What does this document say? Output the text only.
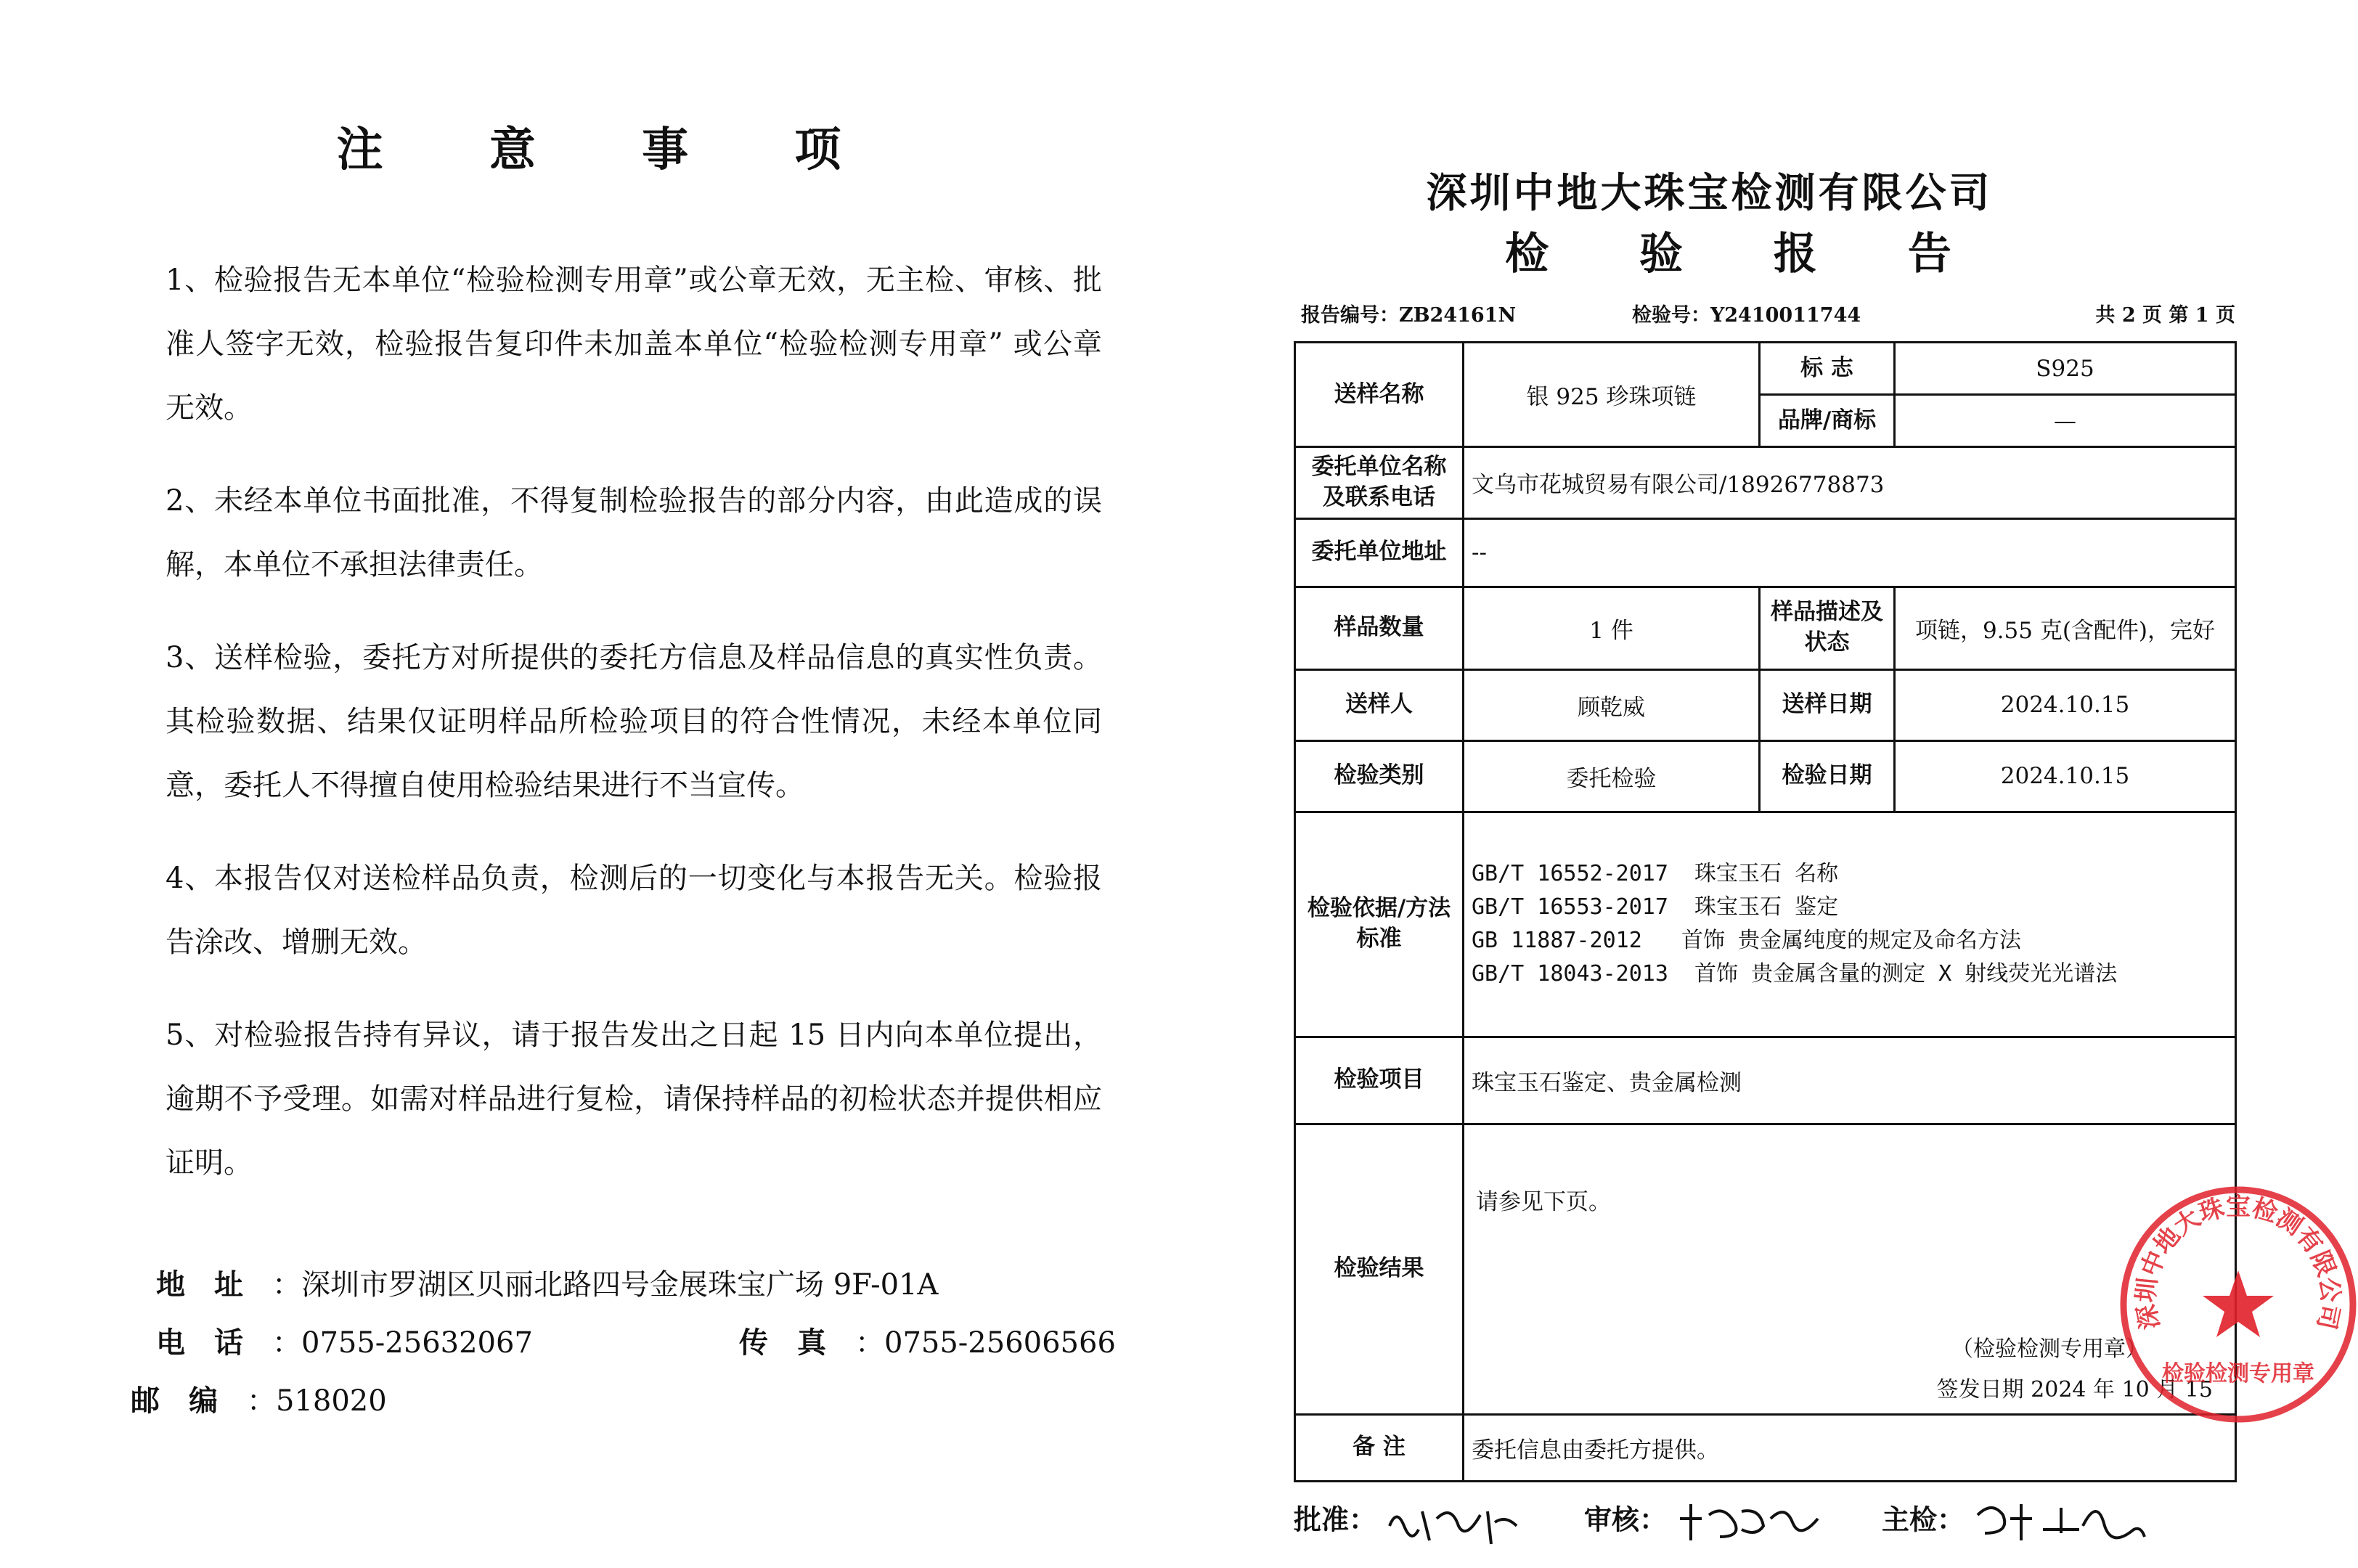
注 意 事 项

1、检验报告无本单位“检验检测专用章”或公章无效，无主检、审核、批准人签字无效，检验报告复印件未加盖本单位“检验检测专用章” 或公章无效。

2、未经本单位书面批准，不得复制检验报告的部分内容，由此造成的误解，本单位不承担法律责任。

3、送样检验，委托方对所提供的委托方信息及样品信息的真实性负责。其检验数据、结果仅证明样品所检验项目的符合性情况，未经本单位同意，委托人不得擅自使用检验结果进行不当宣传。

4、本报告仅对送检样品负责，检测后的一切变化与本报告无关。检验报告涂改、增删无效。

5、对检验报告持有异议，请于报告发出之日起 15 日内向本单位提出，逾期不予受理。如需对样品进行复检，请保持样品的初检状态并提供相应证明。

地址：深圳市罗湖区贝丽北路四号金展珠宝广场 9F-01A
电话：0755-25632067	传真：0755-25606566
邮编：518020
深圳中地大珠宝检测有限公司
检 验 报 告
报告编号：ZB24161N	检验号：Y2410011744	共 2 页 第 1 页
送样名称	银 925 珍珠项链	标 志	S925
		品牌/商标	—
委托单位名称及联系电话	文乌市花城贸易有限公司/18926778873		
委托单位地址	--		
样品数量	1 件	样品描述及状态	项链，9.55 克(含配件)，完好
送样人	顾乾威	送样日期	2024.10.15
检验类别	委托检验	检验日期	2024.10.15
检验依据/方法标准	GB/T 16552-2017  珠宝玉石 名称
GB/T 16553-2017  珠宝玉石 鉴定
GB 11887-2012   首饰 贵金属纯度的规定及命名方法
GB/T 18043-2013  首饰 贵金属含量的测定 X 射线荧光光谱法		

检验项目	珠宝玉石鉴定、贵金属检测		
检验结果	请参见下页。
（检验检测专用章）
签发日期 2024 年 10 月 15		

备 注	委托信息由委托方提供。		
深圳中地大珠宝检测有限公司
检验检测专用章
批准：	审核：	主检：
